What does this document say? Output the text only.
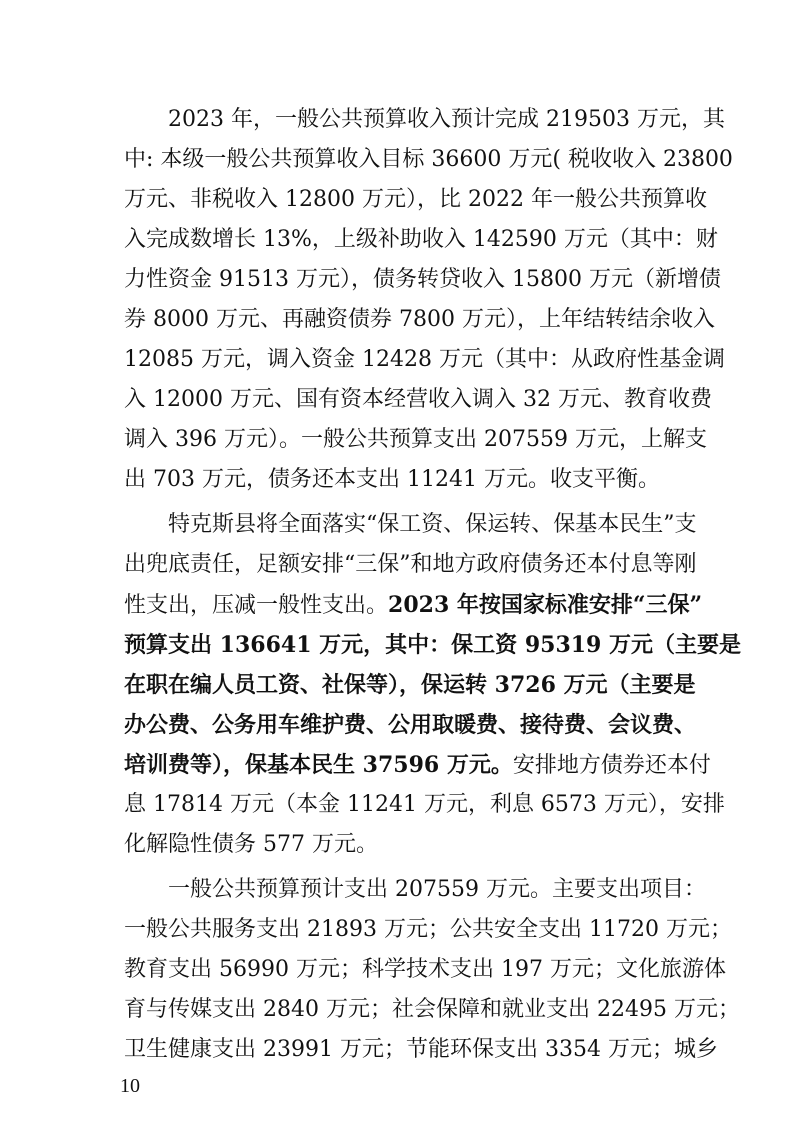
2023 年，一般公共预算收入预计完成 219503 万元，其
中: 本级一般公共预算收入目标 36600 万元( 税收收入 23800
万元、非税收入 12800 万元），比 2022 年一般公共预算收
入完成数增长 13%，上级补助收入 142590 万元（其中：财
力性资金 91513 万元），债务转贷收入 15800 万元（新增债
券 8000 万元、再融资债券 7800 万元），上年结转结余收入
12085 万元，调入资金 12428 万元（其中：从政府性基金调
入 12000 万元、国有资本经营收入调入 32 万元、教育收费
调入 396 万元）。一般公共预算支出 207559 万元，上解支
出 703 万元，债务还本支出 11241 万元。收支平衡。
特克斯县将全面落实“保工资、保运转、保基本民生”支
出兜底责任，足额安排“三保”和地方政府债务还本付息等刚
性支出，压减一般性支出。2023 年按国家标准安排“三保”
预算支出 136641 万元，其中：保工资 95319 万元（主要是
在职在编人员工资、社保等），保运转 3726 万元（主要是
办公费、公务用车维护费、公用取暖费、接待费、会议费、
培训费等），保基本民生 37596 万元。安排地方债券还本付
息 17814 万元（本金 11241 万元，利息 6573 万元），安排
化解隐性债务 577 万元。
一般公共预算预计支出 207559 万元。主要支出项目：
一般公共服务支出 21893 万元；公共安全支出 11720 万元；
教育支出 56990 万元；科学技术支出 197 万元；文化旅游体
育与传媒支出 2840 万元；社会保障和就业支出 22495 万元；
卫生健康支出 23991 万元；节能环保支出 3354 万元；城乡
10
